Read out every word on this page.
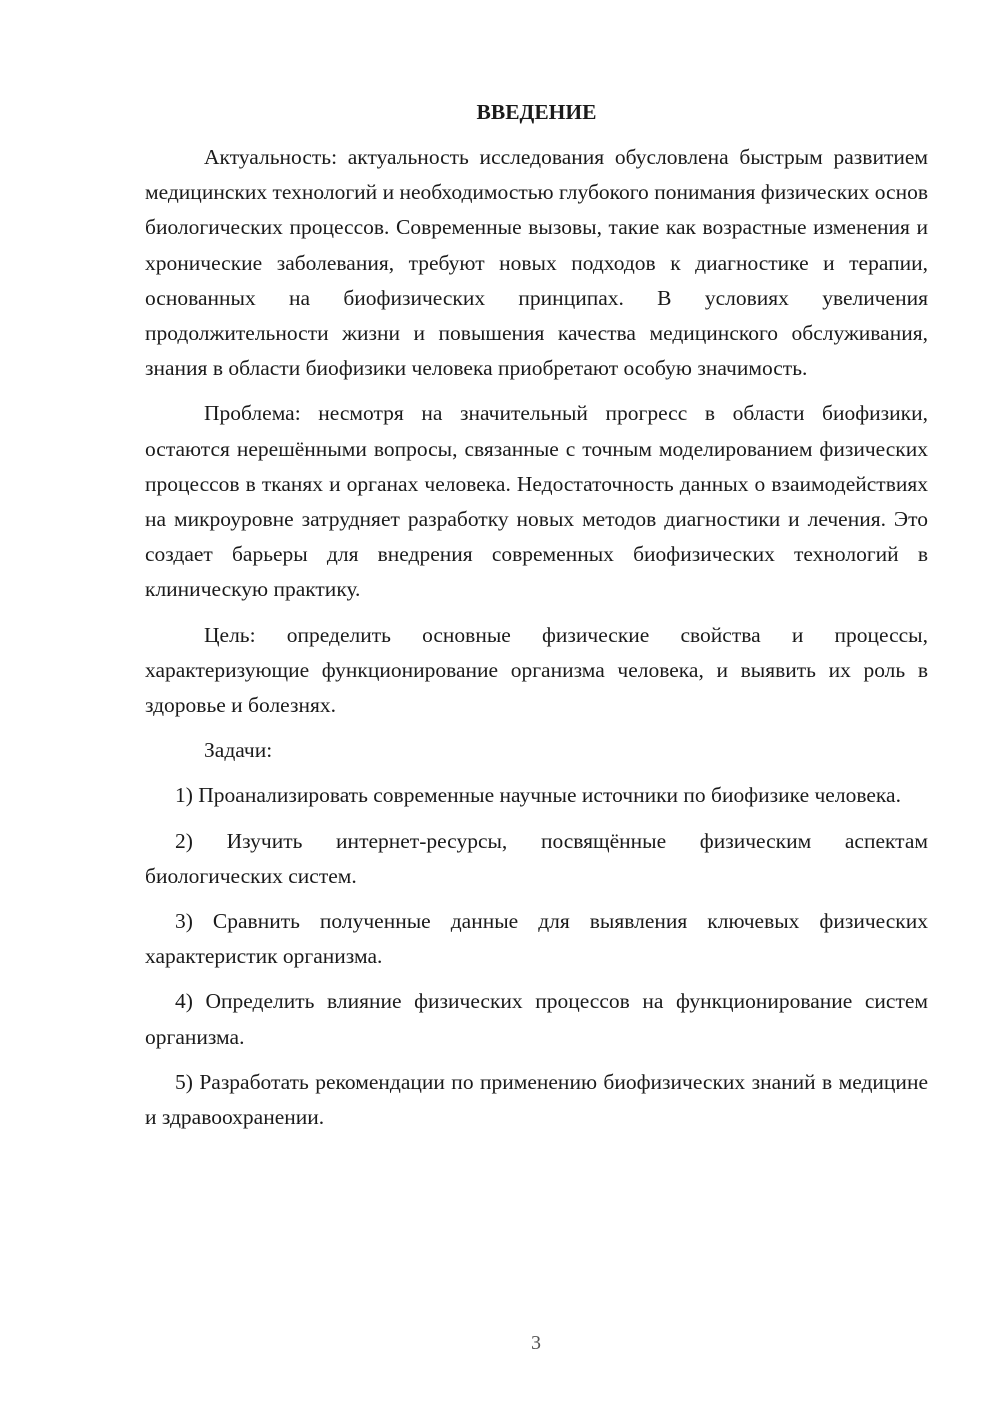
ВВЕДЕНИЕ

Актуальность: актуальность исследования обусловлена быстрым развитием медицинских технологий и необходимостью глубокого понимания физических основ биологических процессов. Современные вызовы, такие как возрастные изменения и хронические заболевания, требуют новых подходов к диагностике и терапии, основанных на биофизических принципах. В условиях увеличения продолжительности жизни и повышения качества медицинского обслуживания, знания в области биофизики человека приобретают особую значимость.

Проблема: несмотря на значительный прогресс в области биофизики, остаются нерешёнными вопросы, связанные с точным моделированием физических процессов в тканях и органах человека. Недостаточность данных о взаимодействиях на микроуровне затрудняет разработку новых методов диагностики и лечения. Это создает барьеры для внедрения современных биофизических технологий в клиническую практику.

Цель: определить основные физические свойства и процессы, характеризующие функционирование организма человека, и выявить их роль в здоровье и болезнях.

Задачи:

1) Проанализировать современные научные источники по биофизике человека.

2) Изучить интернет-ресурсы, посвящённые физическим аспектам биологических систем.

3) Сравнить полученные данные для выявления ключевых физических характеристик организма.

4) Определить влияние физических процессов на функционирование систем организма.

5) Разработать рекомендации по применению биофизических знаний в медицине и здравоохранении.

3
